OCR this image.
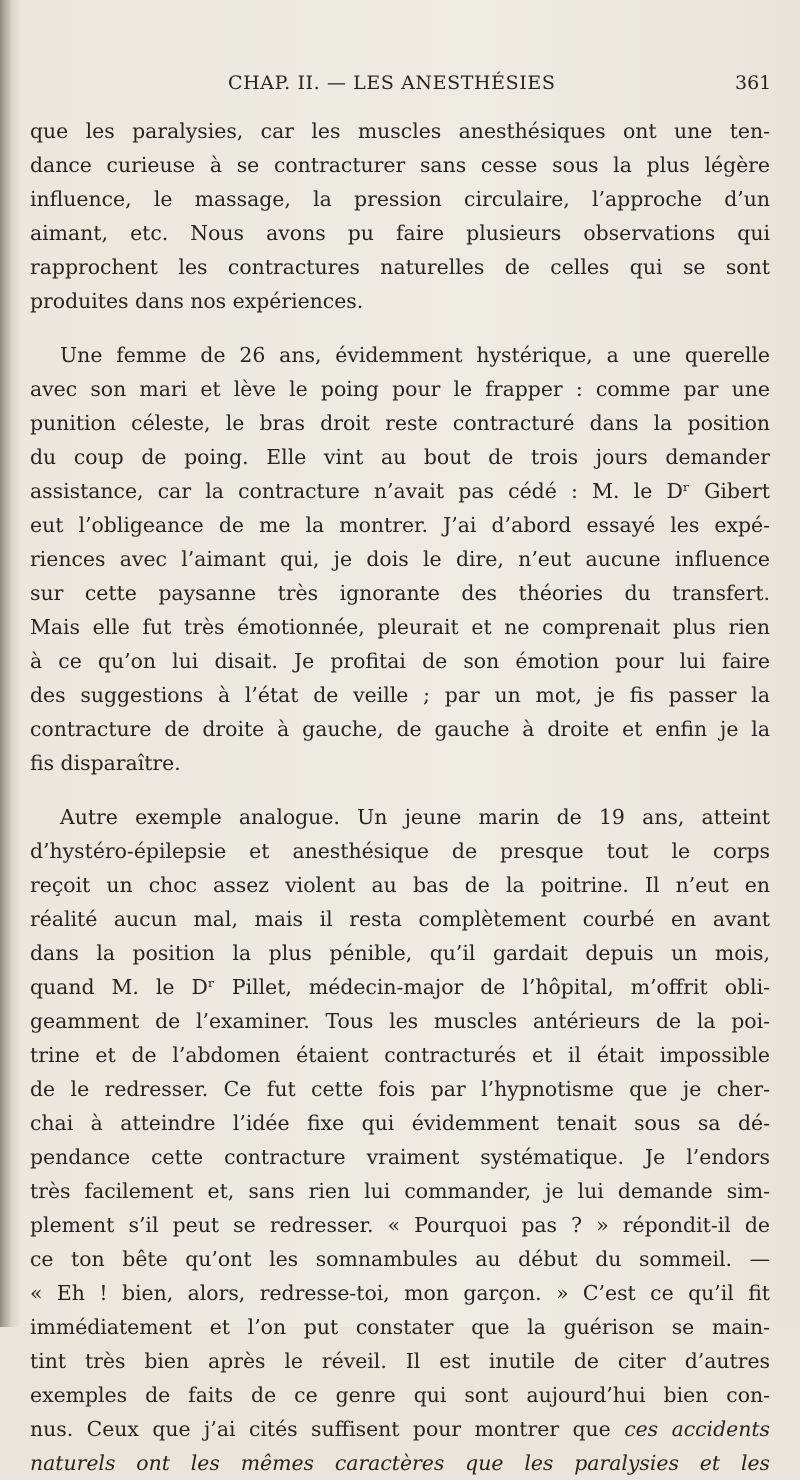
CHAP. II. — LES ANESTHÉSIES	361
que les paralysies, car les muscles anesthésiques ont une ten-
dance curieuse à se contracturer sans cesse sous la plus légère
influence, le massage, la pression circulaire, l’approche d’un
aimant, etc. Nous avons pu faire plusieurs observations qui
rapprochent les contractures naturelles de celles qui se sont
produites dans nos expériences.
Une femme de 26 ans, évidemment hystérique, a une querelle
avec son mari et lève le poing pour le frapper : comme par une
punition céleste, le bras droit reste contracturé dans la position
du coup de poing. Elle vint au bout de trois jours demander
assistance, car la contracture n’avait pas cédé : M. le Dʳ Gibert
eut l’obligeance de me la montrer. J’ai d’abord essayé les expé-
riences avec l’aimant qui, je dois le dire, n’eut aucune influence
sur cette paysanne très ignorante des théories du transfert.
Mais elle fut très émotionnée, pleurait et ne comprenait plus rien
à ce qu’on lui disait. Je profitai de son émotion pour lui faire
des suggestions à l’état de veille ; par un mot, je fis passer la
contracture de droite à gauche, de gauche à droite et enfin je la
fis disparaître.
Autre exemple analogue. Un jeune marin de 19 ans, atteint
d’hystéro-épilepsie et anesthésique de presque tout le corps
reçoit un choc assez violent au bas de la poitrine. Il n’eut en
réalité aucun mal, mais il resta complètement courbé en avant
dans la position la plus pénible, qu’il gardait depuis un mois,
quand M. le Dʳ Pillet, médecin-major de l’hôpital, m’offrit obli-
geamment de l’examiner. Tous les muscles antérieurs de la poi-
trine et de l’abdomen étaient contracturés et il était impossible
de le redresser. Ce fut cette fois par l’hypnotisme que je cher-
chai à atteindre l’idée fixe qui évidemment tenait sous sa dé-
pendance cette contracture vraiment systématique. Je l’endors
très facilement et, sans rien lui commander, je lui demande sim-
plement s’il peut se redresser. « Pourquoi pas ? » répondit-il de
ce ton bête qu’ont les somnambules au début du sommeil. —
« Eh ! bien, alors, redresse-toi, mon garçon. » C’est ce qu’il fit
immédiatement et l’on put constater que la guérison se main-
tint très bien après le réveil. Il est inutile de citer d’autres
exemples de faits de ce genre qui sont aujourd’hui bien con-
nus. Ceux que j’ai cités suffisent pour montrer que ces accidents
naturels ont les mêmes caractères que les paralysies et les
